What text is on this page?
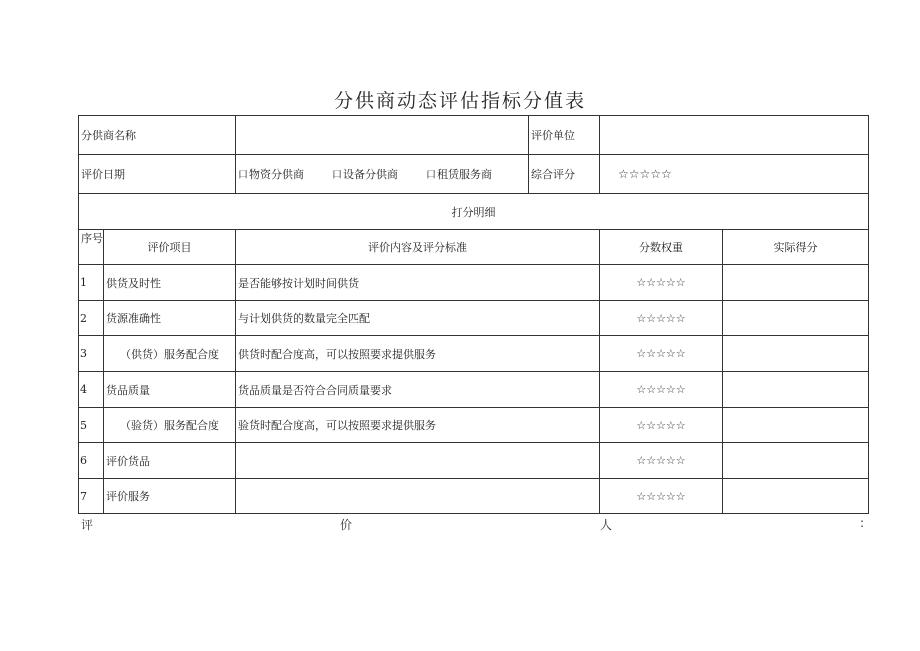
分供商动态评估指标分值表
分供商名称			评价单位		
评价日期		口物资分供商 口设备分供商 口租赁服务商	综合评分	☆☆☆☆☆	
打分明细					
序号	评价项目	评价内容及评分标准		分数权重	实际得分
1	供货及时性	是否能够按计划时间供货		☆☆☆☆☆	
2	货源准确性	与计划供货的数量完全匹配		☆☆☆☆☆	
3	（供货）服务配合度	供货时配合度高，可以按照要求提供服务		☆☆☆☆☆	
4	货品质量	货品质量是否符合合同质量要求		☆☆☆☆☆	
5	（验货）服务配合度	验货时配合度高，可以按照要求提供服务		☆☆☆☆☆	
6	评价货品			☆☆☆☆☆	
7	评价服务			☆☆☆☆☆	
评	价	人	:
